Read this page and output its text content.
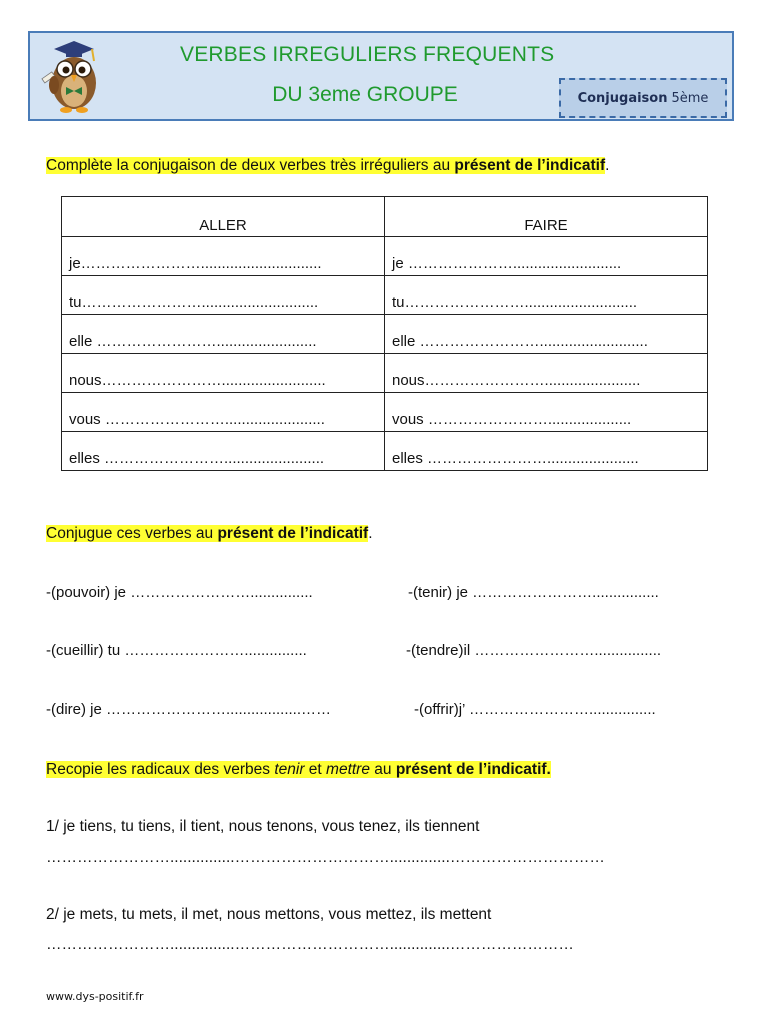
VERBES IRREGULIERS FREQUENTS
DU 3eme GROUPE	Conjugaison 5ème
Complète la conjugaison de deux verbes très irréguliers au présent de l’indicatif.
ALLER	FAIRE
je…………………….............................	je …………………..........................
tu……………………............................	tu……………………...........................
elle ……………………........................	elle ……………………..........................
nous…………………….........................	nous…………………….......................
vous ……………………........................	vous ……………………....................
elles ……………………........................	elles ……………………......................
Conjugue ces verbes au présent de l’indicatif.
-(pouvoir) je ……………………...............	-(tenir) je ……………………................
-(cueillir) tu ……………………...............	-(tendre)il ……………………................
-(dire) je ……………………..................……	-(offrir)j’ ……………………................
Recopie les radicaux des verbes tenir et mettre au présent de l’indicatif.
1/ je tiens, tu tiens, il tient, nous tenons, vous tenez, ils tiennent
……………………...............…………………………..............…………………………
2/ je mets, tu mets, il met, nous mettons, vous mettez, ils mettent
……………………...............…………………………..............……………………
www.dys-positif.fr
